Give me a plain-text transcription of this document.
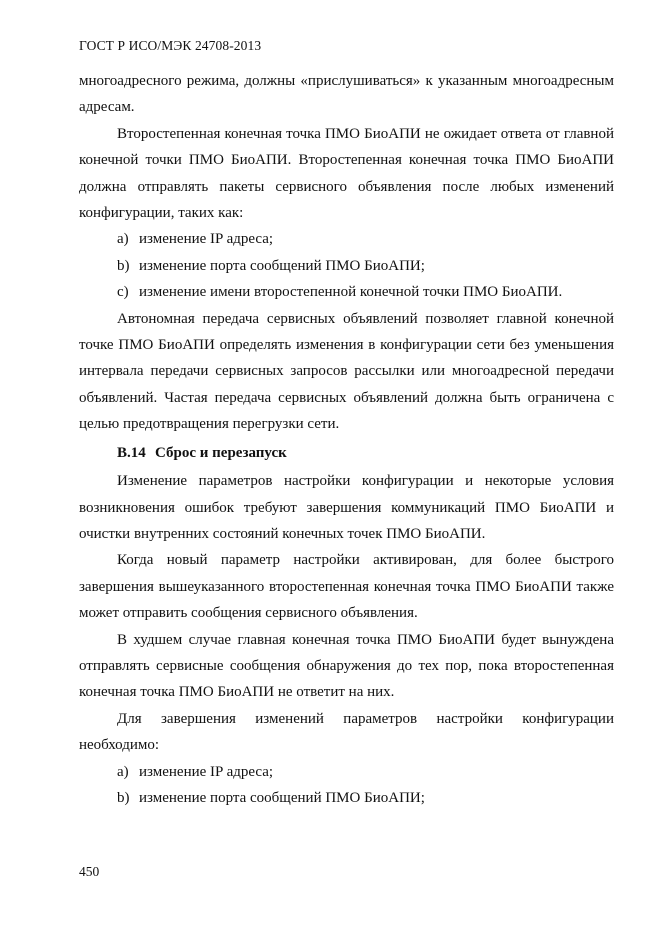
ГОСТ Р ИСО/МЭК 24708-2013

многоадресного режима, должны «прислушиваться» к указанным многоадресным адресам.

Второстепенная конечная точка ПМО БиоАПИ не ожидает ответа от главной конечной точки ПМО БиоАПИ. Второстепенная конечная точка ПМО БиоАПИ должна отправлять пакеты сервисного объявления после любых изменений конфигурации, таких как:

a) изменение IP адреса;

b) изменение порта сообщений ПМО БиоАПИ;

c) изменение имени второстепенной конечной точки ПМО БиоАПИ.

Автономная передача сервисных объявлений позволяет главной конечной точке ПМО БиоАПИ определять изменения в конфигурации сети без уменьшения интервала передачи сервисных запросов рассылки или многоадресной передачи объявлений. Частая передача сервисных объявлений должна быть ограничена с целью предотвращения перегрузки сети.

B.14 Сброс и перезапуск

Изменение параметров настройки конфигурации и некоторые условия возникновения ошибок требуют завершения коммуникаций ПМО БиоАПИ и очистки внутренних состояний конечных точек ПМО БиоАПИ.

Когда новый параметр настройки активирован, для более быстрого завершения вышеуказанного второстепенная конечная точка ПМО БиоАПИ также может отправить сообщения сервисного объявления.

В худшем случае главная конечная точка ПМО БиоАПИ будет вынуждена отправлять сервисные сообщения обнаружения до тех пор, пока второстепенная конечная точка ПМО БиоАПИ не ответит на них.

Для завершения изменений параметров настройки конфигурации необходимо:

a) изменение IP адреса;

b) изменение порта сообщений ПМО БиоАПИ;

450
